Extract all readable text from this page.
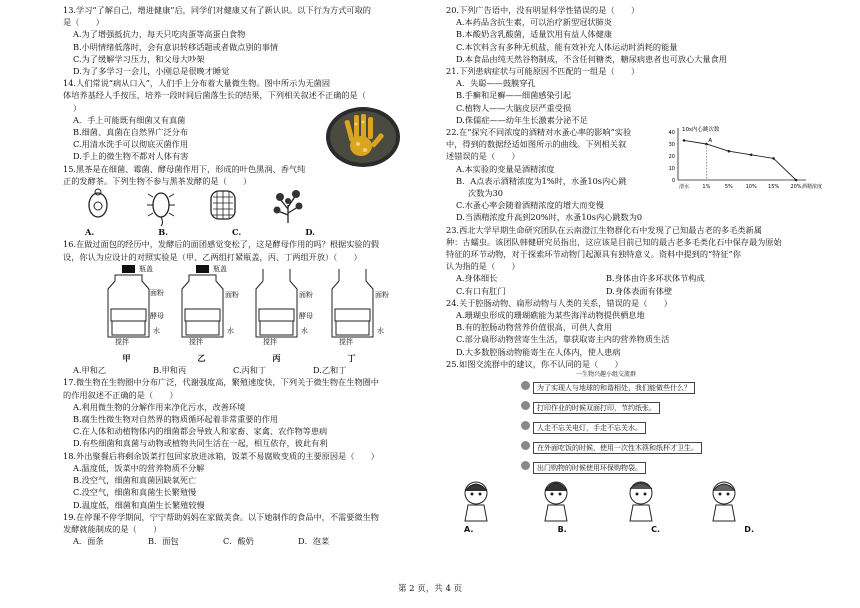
13.学习“了解自己，增进健康”后，同学们对健康又有了新认识。以下行为方式可取的
是（　　）
A.为了增强抵抗力，每天只吃肉蛋等高蛋白食物
B.小明情绪低落时，会有意识转移话题或者做点别的事情
C.为了缓解学习压力，和父母大吵架
D.为了多学习一会儿，小刚总是很晚才睡觉
14.人们常说“病从口入”，人们手上分布着大量微生物。图中所示为无菌固
体培养基经人手按压，培养一段时间后菌落生长的结果，下列相关叙述不正确的是（
）
A．手上可能既有细菌又有真菌
B.细菌、真菌在自然界广泛分布
C.用清水洗手可以彻底灭菌作用
D.手上的微生物不都对人体有害
15.黑茶是在细菌、霉菌、酵母菌作用下，形成的叶色黑润、香气纯
正的发酵茶。下列生物不参与黑茶发酵的是（　　）
A.	B.	C.	D.
16.在做过面包的经历中，发酵后的面团感觉变松了，这是酵母作用的吗？根据实验的假
设，你认为应设计的对照实验是（甲、乙两组打紧瓶盖，丙、丁两组开放）（　　）
瓶盖
面粉
酵母
搅拌
水
瓶盖
面粉
搅拌
水
面粉
酵母
搅拌
水
面粉
搅拌
水
甲	乙	丙	丁
A.甲和乙	B.甲和丙	C.丙和丁	D.乙和丁
17.微生物在生物圈中分布广泛，代谢强度高，繁殖速度快，下列关于微生物在生物圈中
的作用叙述不正确的是（　　）
A.利用微生物的分解作用来净化污水，改善环境
B.腐生性微生物对自然界的物质循环起着非常重要的作用
C.在人体和动植物体内的细菌都会导致人和家畜、家禽、农作物等患病
D.有些细菌和真菌与动物或植物共同生活在一起，相互依存，彼此有利
18.外出聚餐后将剩余饭菜打包回家放进冰箱，饭菜不易腐败变质的主要原因是（　　）
A.温度低，饭菜中的营养物质不分解
B.没空气，细菌和真菌因缺氧死亡
C.没空气，细菌和真菌生长繁殖慢
D.温度低，细菌和真菌生长繁殖较慢
19.在停课不停学期间，宁宁帮助妈妈在家做美食。以下她制作的食品中，不需要微生物
发酵就能制成的是（　　）
A．面条	B．面包	C．酸奶	D．泡菜
20.下列广告语中，没有明显科学性错误的是（　　）
A.本药品含抗生素，可以治疗新型冠状肺炎
B.本酸奶含乳酸菌，适量饮用有益人体健康
C.本饮料含有多种无机盐，能有效补充人体运动时消耗的能量
D.本食品由纯天然谷物制成，不含任何糖类，糖尿病患者也可放心大量食用
21.下列患病症状与可能原因不匹配的一组是（　　）
A．失聪——鼓膜穿孔
B.手癣和足癣——细菌感染引起
C.植物人——大脑皮层严重受损
D.侏儒症——幼年生长激素分泌不足
22.在“探究不同浓度的酒精对水蚤心率的影响”实验
中，得到的数据经适如图所示的曲线。下列相关叙
述错误的是（　　）
A.本实验的变量是酒精浓度
B．A点表示酒精浓度为1%时，水蚤10s内心跳
次数为30
C.水蚤心率会随着酒精浓度的增大而变慢
D.当酒精浓度升高到20%时，水蚤10s内心跳数为0
10s内心跳次数
0
10
20
30
40
清水	1%	5%	10% 15% 20% 酒精浓度
A
23.西北大学早期生命研究团队在云南澄江生物群化石中发现了已知最古老的多毛类新属
种：古蠕虫。该团队韩健研究员指出，这应该是目前已知的最古老多毛类化石中保存最为原始
特征的环节动物，对于探索环节动物门起源具有独特意义。资料中提到的“特征”你
认为指的是（　　）
A.身体细长	B.身体由许多环状体节构成
C.有口有肛门	D.身体表面有体壁
24.关于腔肠动物、扁形动物与人类的关系，错误的是（　　）
A.珊瑚虫形成的珊瑚礁能为某些海洋动物提供栖息地
B.有的腔肠动物营养价值很高，可供人食用
C.部分扁形动物营寄生生活，靠获取寄主内的营养物质生活
D.大多数腔肠动物能寄生在人体内，使人患病
25.如图交流群中的建议，你不认同的是（　　）
一生物兴趣小组交流群
为了实现人与地球的和谐相处，我们能做些什么？
打印作业的时候双面打印，节约纸张。
人走不忘关电灯，手走不忘关水。
在外面吃饭的时候，使用一次性木筷和纸杯才卫生。
出门购物的时候使用环保购物袋。
A.	B.	C.	D.
第 2 页，共 4 页
